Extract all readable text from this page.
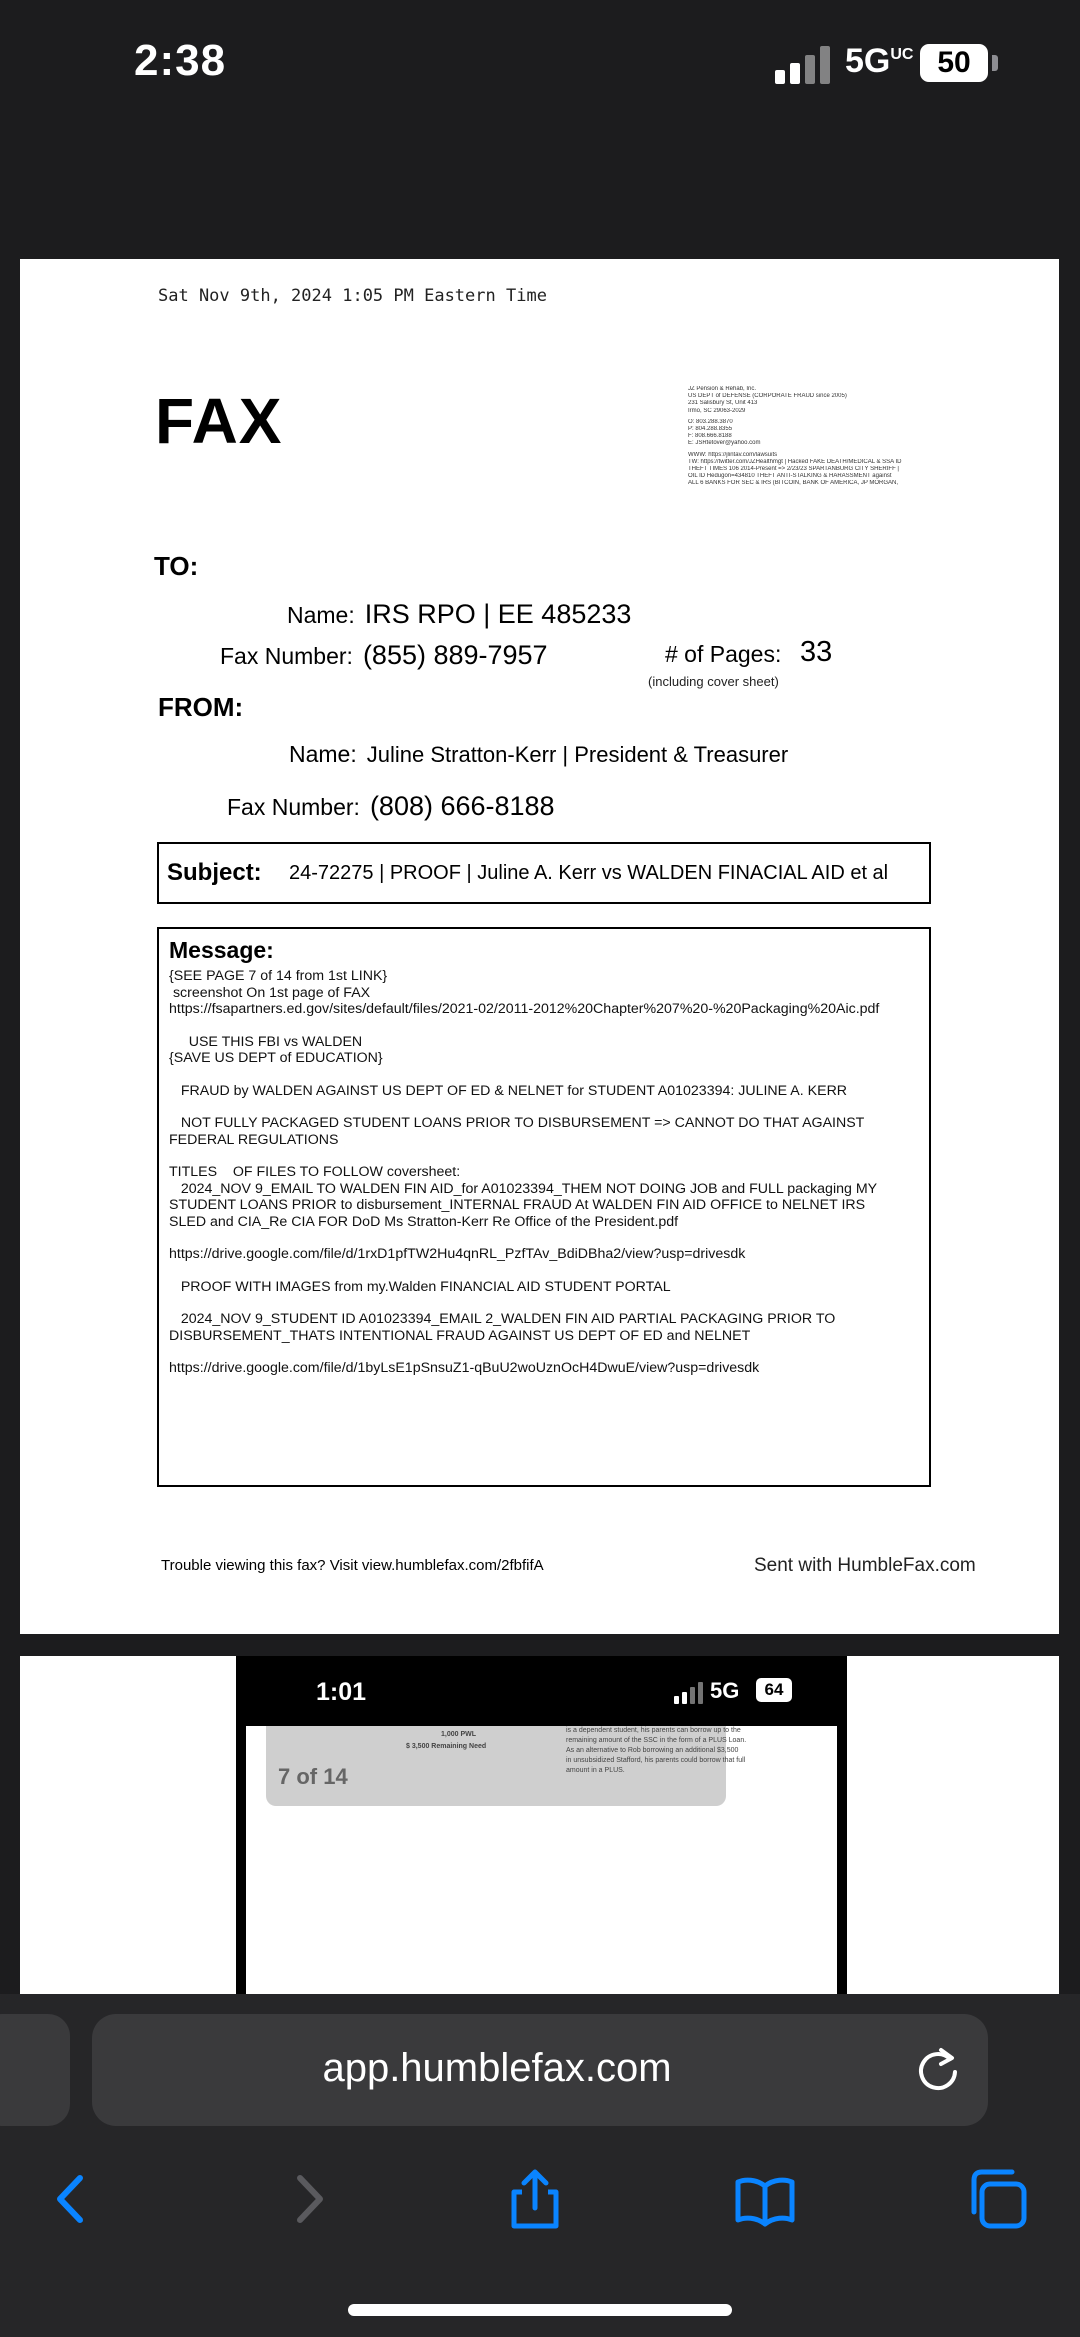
2:38	$5G^{UC}$ 50
Sat Nov 9th, 2024 1:05 PM Eastern Time
FAX	JZ Pension & Rehab, Inc.
US DEPT of DEFENSE (CORPORATE FRAUD since 2005)
231 Salisbury St, Unit 413
Irmo, SC 29063-2029
O: 803.288.3870
P: 804.288.8355
F: 808.666.8188
E: JSRtetover@yahoo.com
WWW: https://jlintav.com/lawsuits
TW: https://twitter.com/JZHealthmgt | Hacked FAKE DEATH/MEDICAL & SSA ID
THEFT TIMES 106 2014-Present => 2/23/23 SPARTANBURG CITY SHERIFF |
OIL ID Hedugon=434810 THEFT ANTI-STALKING & HARASSMENT against
ALL 6 BANKS FOR SEC & IRS (BITCOIN, BANK OF AMERICA, JP MORGAN,
TO:
Name: IRS RPO | EE 485233
Fax Number: (855) 889-7957	# of Pages: 33
(including cover sheet)
FROM:
Name: Juline Stratton-Kerr | President & Treasurer
Fax Number: (808) 666-8188
Subject: 24-72275 | PROOF | Juline A. Kerr vs WALDEN FINACIAL AID et al
Message:

{SEE PAGE 7 of 14 from 1st LINK}

screenshot On 1st page of FAX

https://fsapartners.ed.gov/sites/default/files/2021-02/2011-2012%20Chapter%207%20-%20Packaging%20Aic.pdf

USE THIS FBI vs WALDEN

{SAVE US DEPT of EDUCATION}

FRAUD by WALDEN AGAINST US DEPT OF ED & NELNET for STUDENT A01023394: JULINE A. KERR

NOT FULLY PACKAGED STUDENT LOANS PRIOR TO DISBURSEMENT => CANNOT DO THAT AGAINST

FEDERAL REGULATIONS

TITLES    OF FILES TO FOLLOW coversheet:

2024_NOV 9_EMAIL TO WALDEN FIN AID_for A01023394_THEM NOT DOING JOB and FULL packaging MY

STUDENT LOANS PRIOR to disbursement_INTERNAL FRAUD At WALDEN FIN AID OFFICE to NELNET IRS

SLED and CIA_Re CIA FOR DoD Ms Stratton-Kerr Re Office of the President.pdf

https://drive.google.com/file/d/1rxD1pfTW2Hu4qnRL_PzfTAv_BdiDBha2/view?usp=drivesdk

PROOF WITH IMAGES from my.Walden FINANCIAL AID STUDENT PORTAL

2024_NOV 9_STUDENT ID A01023394_EMAIL 2_WALDEN FIN AID PARTIAL PACKAGING PRIOR TO

DISBURSEMENT_THATS INTENTIONAL FRAUD AGAINST US DEPT OF ED and NELNET

https://drive.google.com/file/d/1byLsE1pSnsuZ1-qBuU2woUznOcH4DwuE/view?usp=drivesdk

Trouble viewing this fax? Visit view.humblefax.com/2fbfifA	Sent with HumbleFax.com
1:01	5G	64
1,000 PWL
$ 3,500 Remaining Need
is a dependent student, his parents can borrow up to the
remaining amount of the SSC in the form of a PLUS Loan.
As an alternative to Rob borrowing an additional $3,500
in unsubsidized Stafford, his parents could borrow that full
amount in a PLUS.
7 of 14
app.humblefax.com
